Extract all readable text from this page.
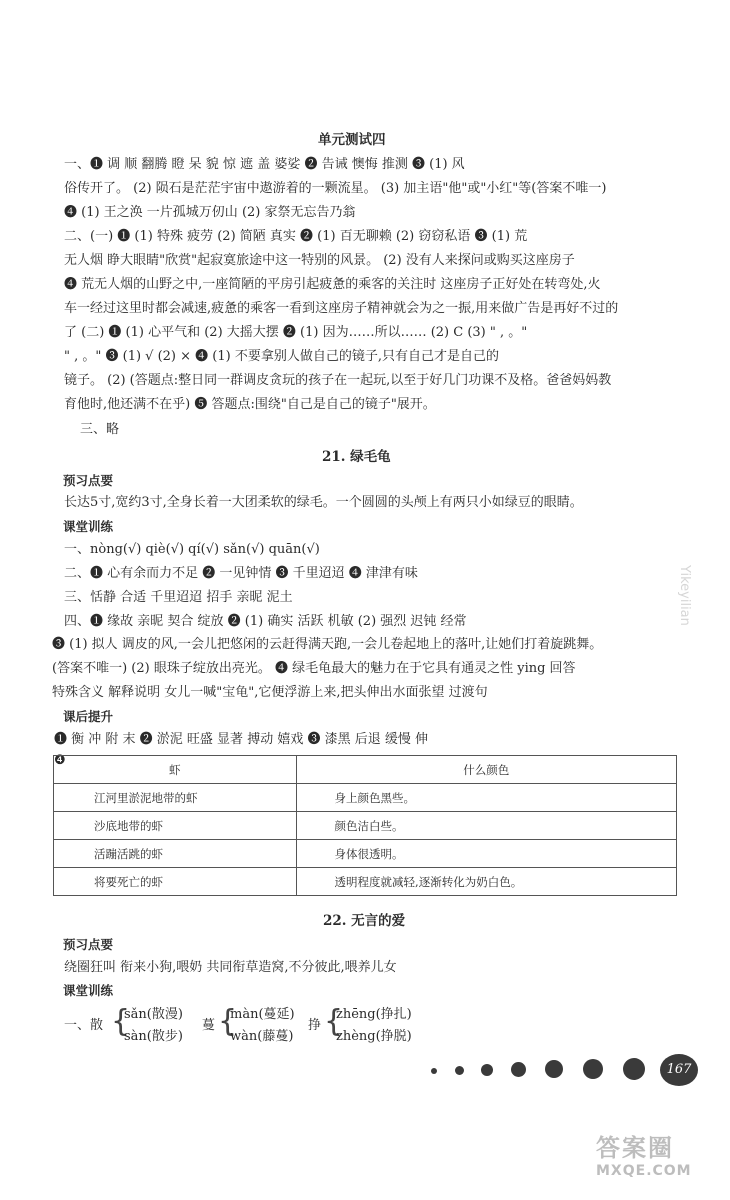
单元测试四
一、❶ 调 顺 翻腾 瞪 呆 貌 惊 遮 盖 婆娑 ❷ 告诫 懊悔 推测 ❸ (1) 风
俗传开了。 (2) 陨石是茫茫宇宙中遨游着的一颗流星。 (3) 加主语"他"或"小红"等(答案不唯一)
❹ (1) 王之涣 一片孤城万仞山 (2) 家祭无忘告乃翁
二、(一) ❶ (1) 特殊 疲劳 (2) 简陋 真实 ❷ (1) 百无聊赖 (2) 窃窃私语 ❸ (1) 荒
无人烟 睁大眼睛"欣赏"起寂寞旅途中这一特别的风景。 (2) 没有人来探问或购买这座房子
❹ 荒无人烟的山野之中,一座简陋的平房引起疲惫的乘客的关注时 这座房子正好处在转弯处,火
车一经过这里时都会减速,疲惫的乘客一看到这座房子精神就会为之一振,用来做广告是再好不过的
了 (二) ❶ (1) 心平气和 (2) 大摇大摆 ❷ (1) 因为……所以…… (2) C (3) " , 。"
" , 。" ❸ (1) √ (2) × ❹ (1) 不要拿别人做自己的镜子,只有自己才是自己的
镜子。 (2) (答题点:整日同一群调皮贪玩的孩子在一起玩,以至于好几门功课不及格。爸爸妈妈教
育他时,他还满不在乎) ❺ 答题点:围绕"自己是自己的镜子"展开。
三、略
21. 绿毛龟
预习点要
长达5寸,宽约3寸,全身长着一大团柔软的绿毛。一个圆圆的头颅上有两只小如绿豆的眼睛。
课堂训练
一、nòng(√) qiè(√) qí(√) sǎn(√) quān(√)
二、❶ 心有余而力不足 ❷ 一见钟情 ❸ 千里迢迢 ❹ 津津有味
三、恬静 合适 千里迢迢 招手 亲昵 泥土
四、❶ 缘故 亲昵 契合 绽放 ❷ (1) 确实 活跃 机敏 (2) 强烈 迟钝 经常
❸ (1) 拟人 调皮的风,一会儿把悠闲的云赶得满天跑,一会儿卷起地上的落叶,让她们打着旋跳舞。
(答案不唯一) (2) 眼珠子绽放出亮光。 ❹ 绿毛龟最大的魅力在于它具有通灵之性 ying 回答
特殊含义 解释说明 女儿一喊"宝龟",它便浮游上来,把头伸出水面张望 过渡句
课后提升
❶ 衡 冲 附 末 ❷ 淤泥 旺盛 显著 搏动 嬉戏 ❸ 漆黑 后退 缓慢 伸
❹
虾	什么颜色
江河里淤泥地带的虾	身上颜色黑些。
沙底地带的虾	颜色洁白些。
活蹦活跳的虾	身体很透明。
将要死亡的虾	透明程度就减轻,逐渐转化为奶白色。
22. 无言的爱
预习点要
绕圈狂叫 衔来小狗,喂奶 共同衔草造窝,不分彼此,喂养儿女
课堂训练
一、散 {
sǎn(散漫)
sàn(散步)
蔓 {
màn(蔓延)
wàn(藤蔓)
挣 {
zhēng(挣扎)
zhèng(挣脱)
167
Yikeyilian
答案圈
MXQE.COM
